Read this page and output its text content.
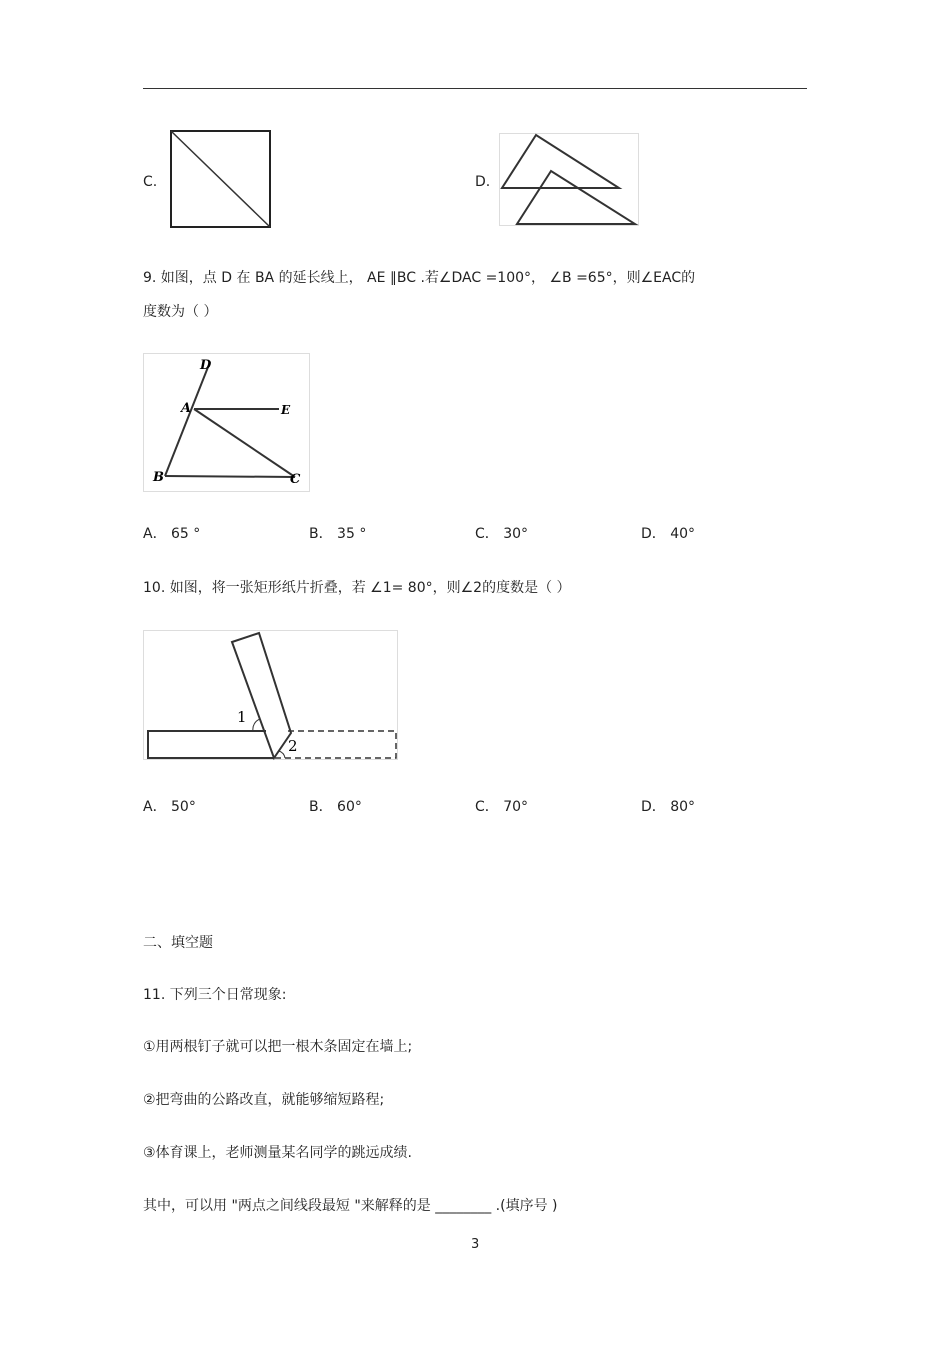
C.	D.
9. 如图，点 D 在 BA 的延长线上， AE ∥BC .若∠DAC =100°， ∠B =65°，则∠EAC的
度数为（ ）
D
A	E
B	C
A． 65 °	B． 35 °	C． 30°	D． 40°
10. 如图，将一张矩形纸片折叠，若 ∠1= 80°，则∠2的度数是（ ）
1
2
A． 50°	B． 60°	C． 70°	D． 80°
二、填空题
11. 下列三个日常现象:
①用两根钉子就可以把一根木条固定在墙上;
②把弯曲的公路改直，就能够缩短路程;
③体育课上，老师测量某名同学的跳远成绩.
其中，可以用 "两点之间线段最短 "来解释的是 ________ .(填序号 )
3
